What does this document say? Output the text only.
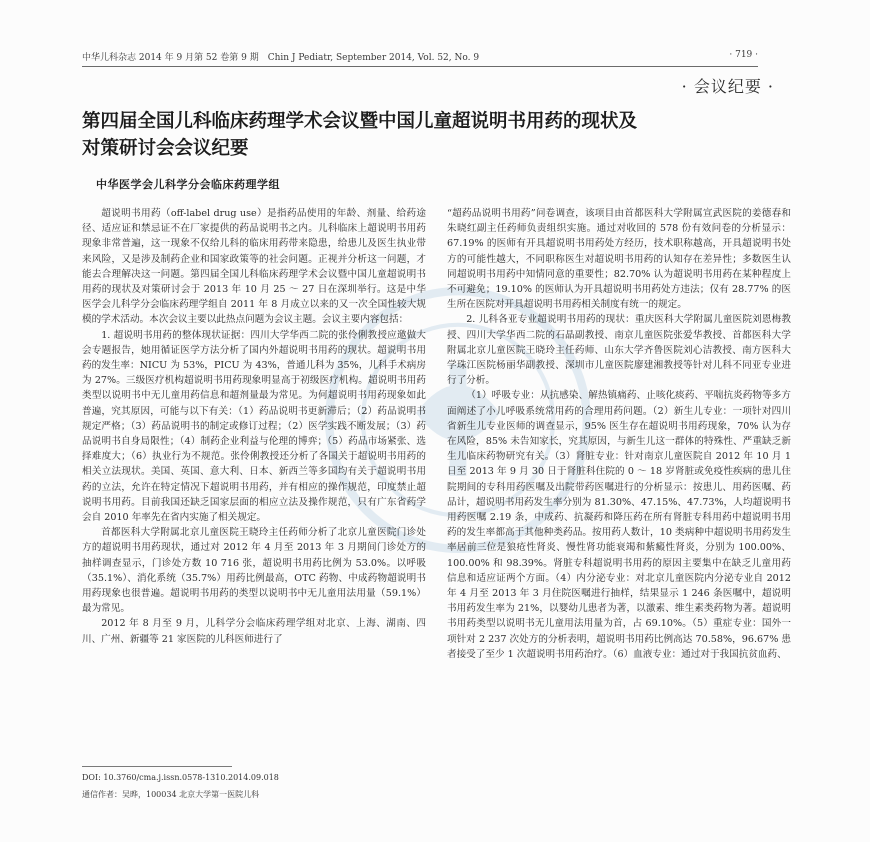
中华儿科杂志 2014 年 9 月第 52 卷第 9 期　Chin J Pediatr, September 2014, Vol. 52, No. 9	· 719 ·
· 会议纪要 ·
第四届全国儿科临床药理学术会议暨中国儿童超说明书用药的现状及对策研讨会会议纪要
中华医学会儿科学分会临床药理学组

超说明书用药（off-label drug use）是指药品使用的年龄、剂量、给药途径、适应证和禁忌证不在厂家提供的药品说明书之内。儿科临床上超说明书用药现象非常普遍，这一现象不仅给儿科的临床用药带来隐患，给患儿及医生执业带来风险，又是涉及制药企业和国家政策等的社会问题。正视并分析这一问题，才能去合理解决这一问题。第四届全国儿科临床药理学术会议暨中国儿童超说明书用药的现状及对策研讨会于 2013 年 10 月 25 ～ 27 日在深圳举行。这是中华医学会儿科学分会临床药理学组自 2011 年 8 月成立以来的又一次全国性较大规模的学术活动。本次会议主要以此热点问题为会议主题。会议主要内容包括：

1. 超说明书用药的整体现状证据：四川大学华西二院的张伶俐教授应邀做大会专题报告，她用循证医学方法分析了国内外超说明书用药的现状。超说明书用药的发生率：NICU 为 53%，PICU 为 43%，普通儿科为 35%，儿科手术病房为 27%。三级医疗机构超说明书用药现象明显高于初级医疗机构。超说明书用药类型以说明书中无儿童用药信息和超剂量最为常见。为何超说明书用药现象如此普遍，究其原因，可能与以下有关：（1）药品说明书更新滞后；（2）药品说明书规定严格；（3）药品说明书的制定或修订过程；（2）医学实践不断发展；（3）药品说明书自身局限性；（4）制药企业利益与伦理的博弈；（5）药品市场紧张、选择难度大；（6）执业行为不规范。张伶俐教授还分析了各国关于超说明书用药的相关立法现状。美国、英国、意大利、日本、新西兰等多国均有关于超说明书用药的立法，允许在特定情况下超说明书用药，并有相应的操作规范，印度禁止超说明书用药。目前我国还缺乏国家层面的相应立法及操作规范，只有广东省药学会自 2010 年率先在省内实施了相关规定。

首都医科大学附属北京儿童医院王晓玲主任药师分析了北京儿童医院门诊处方的超说明书用药现状，通过对 2012 年 4 月至 2013 年 3 月期间门诊处方的抽样调查显示，门诊处方数 10 716 张，超说明书用药比例为 53.0%。以呼吸（35.1%）、消化系统（35.7%）用药比例最高，OTC 药物、中成药物超说明书用药现象也很普遍。超说明书用药的类型以说明书中无儿童用法用量（59.1%）最为常见。

2012 年 8 月至 9 月，儿科学分会临床药理学组对北京、上海、湖南、四川、广州、新疆等 21 家医院的儿科医师进行了

“超药品说明书用药”问卷调查，该项目由首都医科大学附属宣武医院的姜德春和朱晓红副主任药师负责组织实施。通过对收回的 578 份有效问卷的分析显示：67.19% 的医师有开具超说明书用药处方经历，技术职称越高，开具超说明书处方的可能性越大，不同职称医生对超说明书用药的认知存在差异性；多数医生认同超说明书用药中知情同意的重要性；82.70% 认为超说明书用药在某种程度上不可避免；19.10% 的医师认为开具超说明书用药处方违法；仅有 28.77% 的医生所在医院对开具超说明书用药相关制度有统一的规定。

2. 儿科各亚专业超说明书用药的现状：重庆医科大学附属儿童医院刘恩梅教授、四川大学华西二院的石晶副教授、南京儿童医院张爱华教授、首都医科大学附属北京儿童医院王晓玲主任药师、山东大学齐鲁医院刘心洁教授、南方医科大学珠江医院杨丽华副教授、深圳市儿童医院廖建湘教授等针对儿科不同亚专业进行了分析。

（1）呼吸专业：从抗感染、解热镇痛药、止咳化痰药、平喘抗炎药物等多方面阐述了小儿呼吸系统常用药的合理用药问题。（2）新生儿专业：一项针对四川省新生儿专业医师的调查显示，95% 医生存在超说明书用药现象，70% 认为存在风险，85% 未告知家长，究其原因，与新生儿这一群体的特殊性、严重缺乏新生儿临床药物研究有关。（3）肾脏专业：针对南京儿童医院自 2012 年 10 月 1 日至 2013 年 9 月 30 日于肾脏科住院的 0 ～ 18 岁肾脏或免疫性疾病的患儿住院期间的专科用药医嘱及出院带药医嘱进行的分析显示：按患儿、用药医嘱、药品计，超说明书用药发生率分别为 81.30%、47.15%、47.73%，人均超说明书用药医嘱 2.19 条，中成药、抗凝药和降压药在所有肾脏专科用药中超说明书用药的发生率都高于其他种类药品。按用药人数计，10 类病种中超说明书用药发生率居前三位是狼疮性肾炎、慢性肾功能衰竭和紫癜性肾炎，分别为 100.00%、100.00% 和 98.39%。肾脏专科超说明书用药的原因主要集中在缺乏儿童用药信息和适应证两个方面。（4）内分泌专业：对北京儿童医院内分泌专业自 2012 年 4 月至 2013 年 3 月住院医嘱进行抽样，结果显示 1 246 条医嘱中，超说明书用药发生率为 21%，以婴幼儿患者为著，以激素、维生素类药物为著。超说明书用药类型以说明书无儿童用法用量为首，占 69.10%。（5）重症专业：国外一项针对 2 237 次处方的分析表明，超说明书用药比例高达 70.58%，96.67% 患者接受了至少 1 次超说明书用药治疗。（6）血液专业：通过对于我国抗贫血药、

DOI: 10.3760/cma.j.issn.0578-1310.2014.09.018
通信作者：吴晔，100034 北京大学第一医院儿科
